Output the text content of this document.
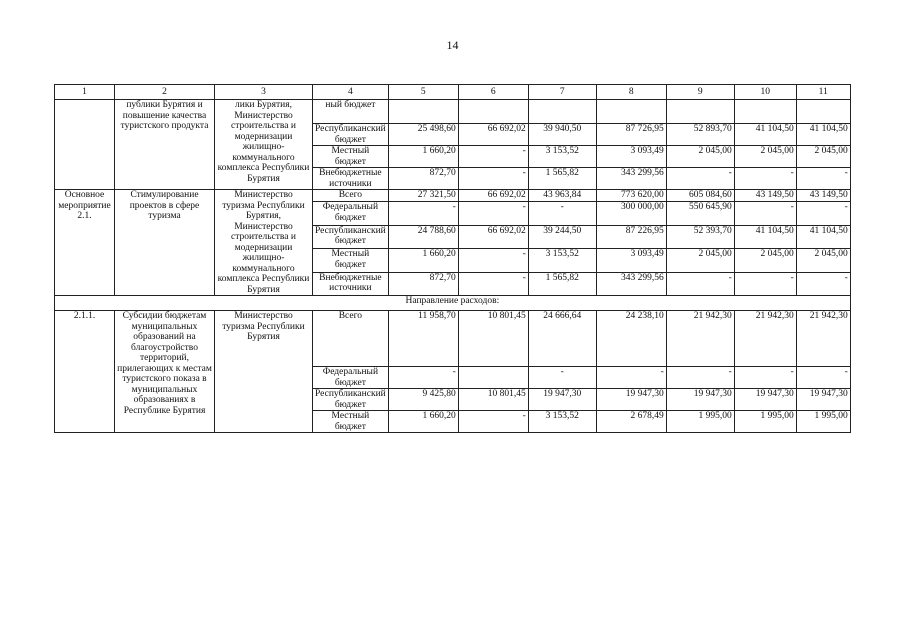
14
1	2	3	4	5	6	7	8	9	10	11
	публики Бурятия и повышение качества туристского продукта	лики Бурятия, Министерство строительства и модернизации жилищно-коммунального комплекса Республики Бурятия	ный бюджет							
			Республиканский бюджет	25 498,60	66 692,02	39 940,50	87 726,95	52 893,70	41 104,50	41 104,50
			Местный бюджет	1 660,20	-	3 153,52	3 093,49	2 045,00	2 045,00	2 045,00
			Внебюджетные источники	872,70	-	1 565,82	343 299,56	-	-	-
Основное мероприятие 2.1.	Стимулирование проектов в сфере туризма	Министерство туризма Республики Бурятия, Министерство строительства и модернизации жилищно-коммунального комплекса Республики Бурятия	Всего	27 321,50	66 692,02	43 963,84	773 620,00	605 084,60	43 149,50	43 149,50
			Федеральный бюджет	-	-	-	300 000,00	550 645,90	-	-
			Республиканский бюджет	24 788,60	66 692,02	39 244,50	87 226,95	52 393,70	41 104,50	41 104,50
			Местный бюджет	1 660,20	-	3 153,52	3 093,49	2 045,00	2 045,00	2 045,00
			Внебюджетные источники	872,70	-	1 565,82	343 299,56	-	-	-
Направление расходов:										
2.1.1.	Субсидии бюджетам муниципальных образований на благоустройство территорий, прилегающих к местам туристского показа в муниципальных образованиях в Республике Бурятия	Министерство туризма Республики Бурятия	Всего	11 958,70	10 801,45	24 666,64	24 238,10	21 942,30	21 942,30	21 942,30
			Федеральный бюджет	-		-	-	-	-	-
			Республиканский бюджет	9 425,80	10 801,45	19 947,30	19 947,30	19 947,30	19 947,30	19 947,30
			Местный бюджет	1 660,20	-	3 153,52	2 678,49	1 995,00	1 995,00	1 995,00
